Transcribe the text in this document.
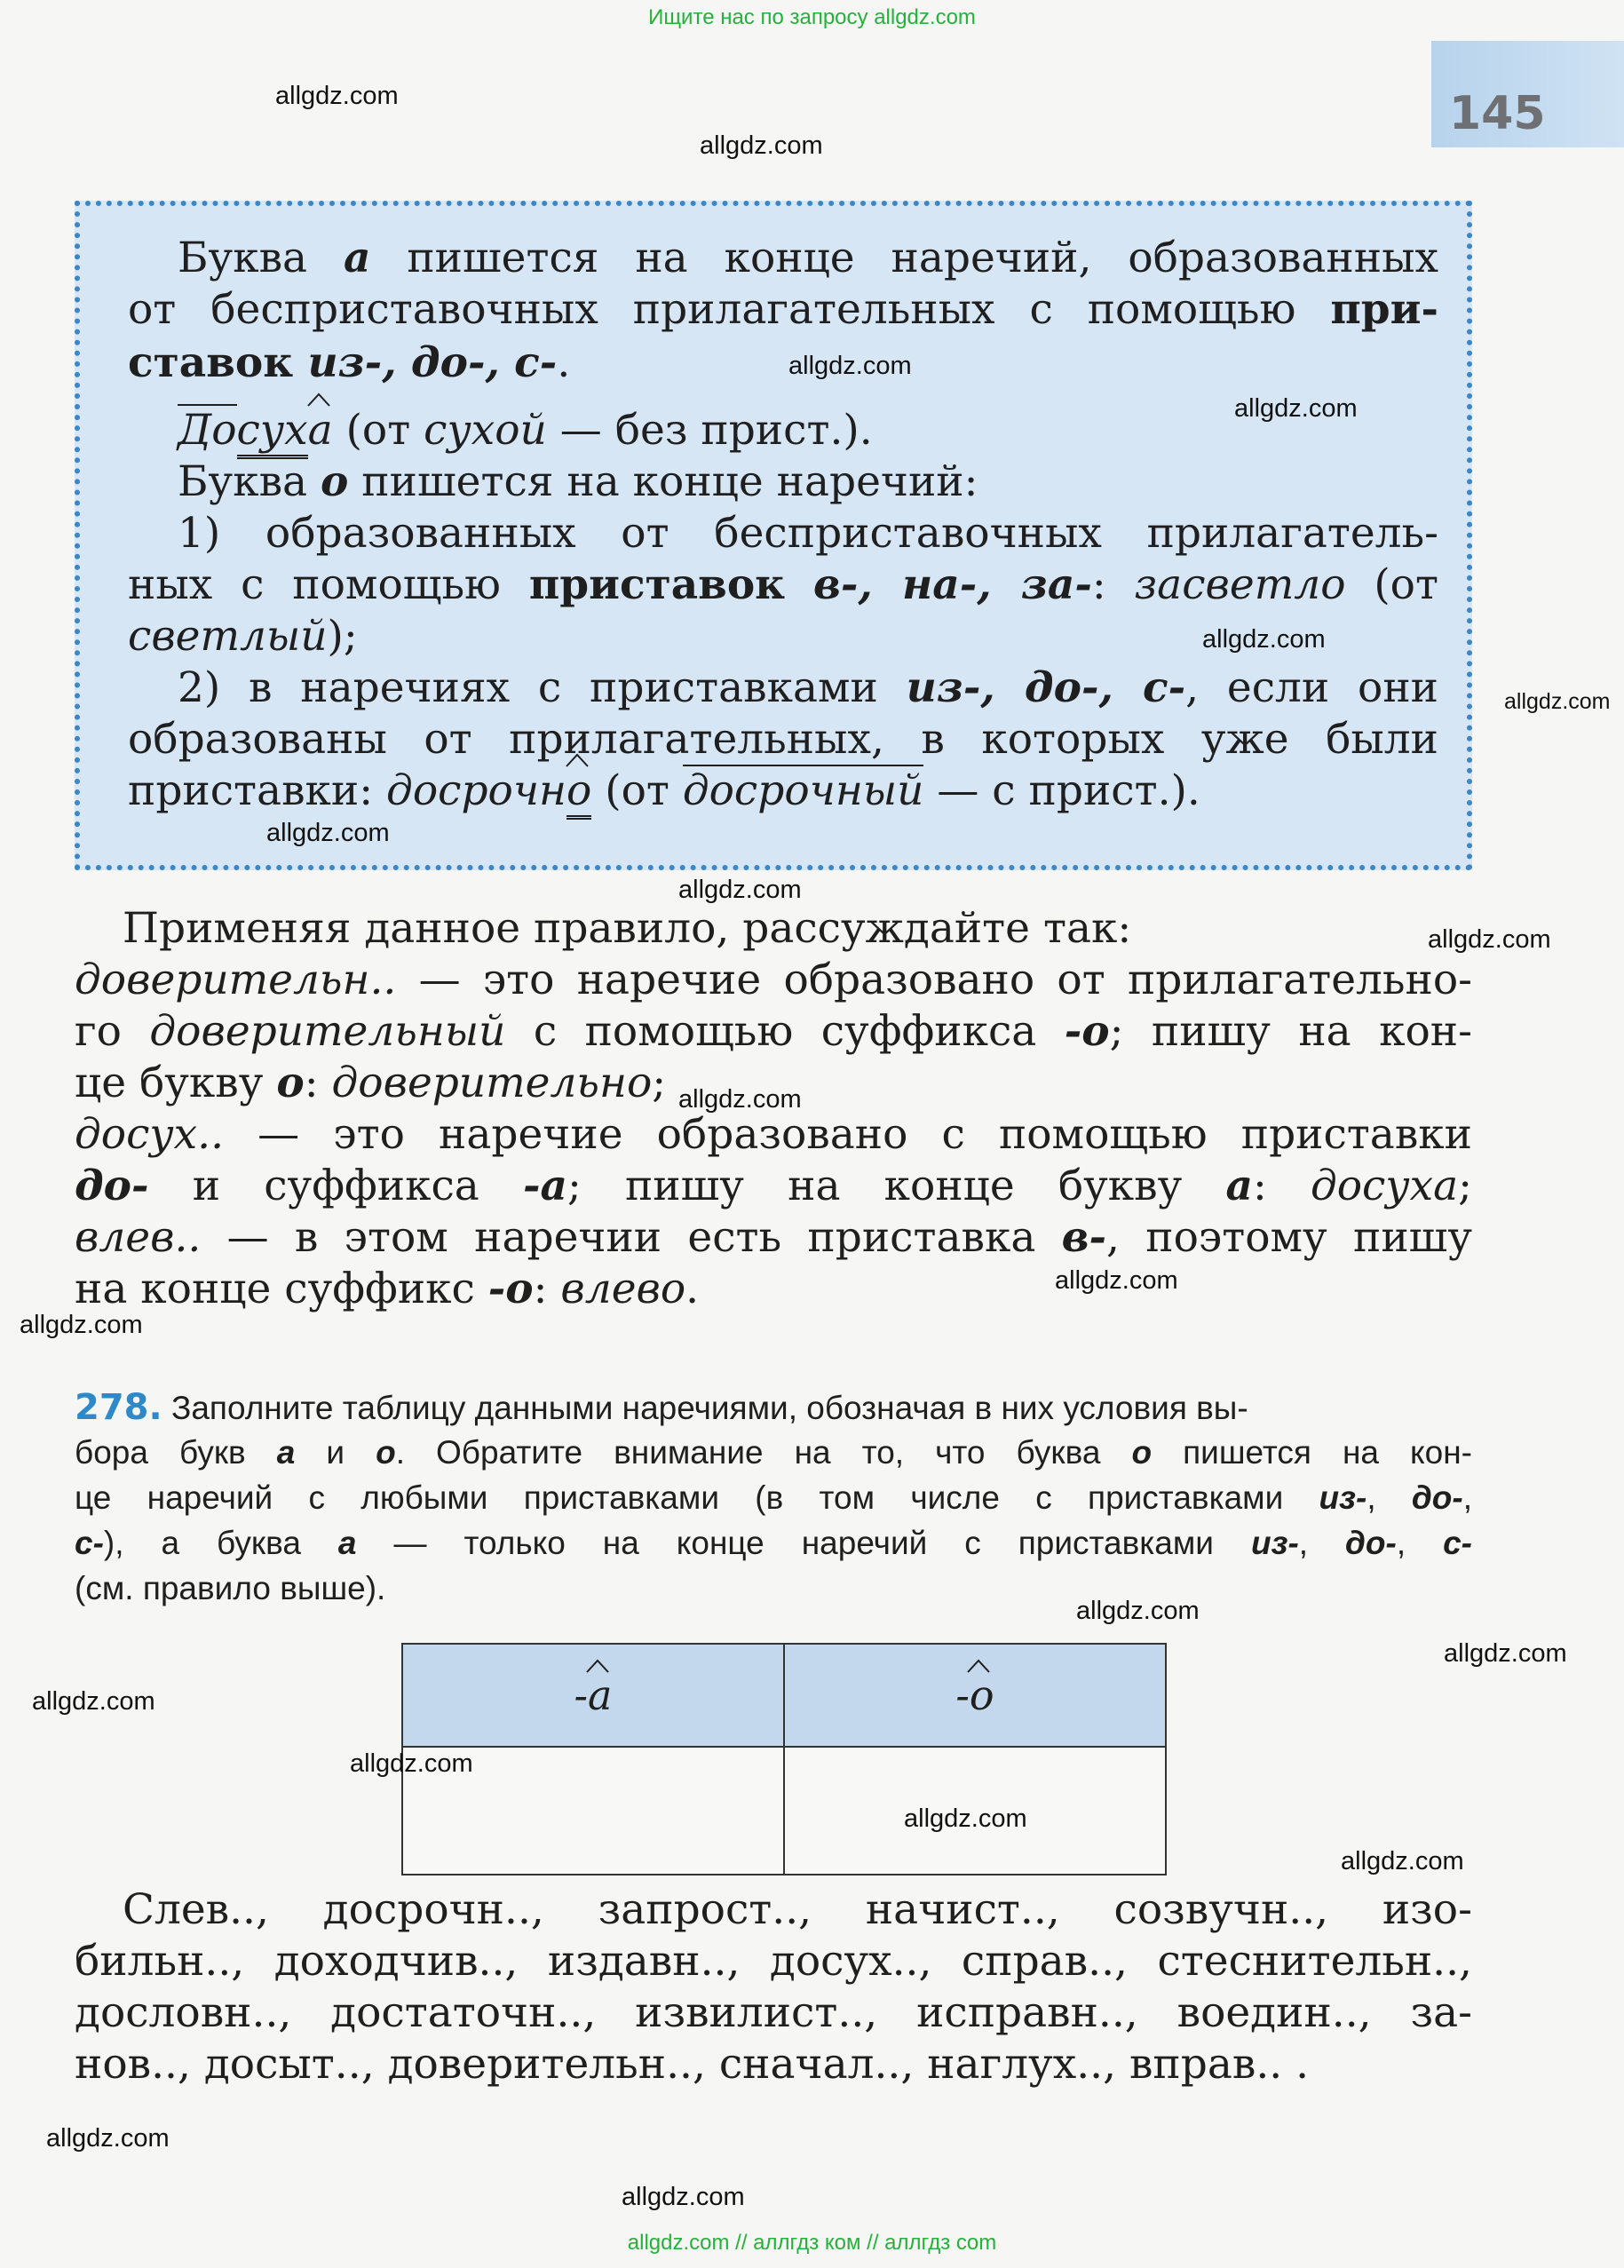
Ищите нас по запросу allgdz.com
145
Буква а пишется на конце наречий, образованных
от бесприставочных прилагательных с помощью при-
ставок из-, до-, с-.
Досуха
(от сухой — без прист.).
Буква о пишется на конце наречий:
1) образованных от бесприставочных прилагатель-
ных с помощью приставок в-, на-, за-: засветло (от
светлый);
2) в наречиях с приставками из-, до-, с-, если они
образованы от прилагательных, в которых уже были
приставки: досрочно
(от досрочный — с прист.).
Применяя данное правило, рассуждайте так:
доверительн.. — это наречие образовано от прилагательно-
го доверительный с помощью суффикса -о; пишу на кон-
це букву о: доверительно;
досух.. — это наречие образовано с помощью приставки
до- и суффикса -а; пишу на конце букву а: досуха;
влев.. — в этом наречии есть приставка в-, поэтому пишу
на конце суффикс -о: влево.
278. Заполните таблицу данными наречиями, обозначая в них условия вы-
бора букв а и о. Обратите внимание на то, что буква о пишется на кон-
це наречий с любыми приставками (в том числе с приставками из-, до-,
с-), а буква а — только на конце наречий с приставками из-, до-, с-
(см. правило выше).
-а	-о

Слев.., досрочн.., запрост.., начист.., созвучн.., изо-
бильн.., доходчив.., издавн.., досух.., справ.., стеснительн..,
дословн.., достаточн.., извилист.., исправн.., воедин.., за-
нов.., досыт.., доверительн.., сначал.., наглух.., вправ.. .
allgdz.com
allgdz.com
allgdz.com
allgdz.com
allgdz.com
allgdz.com
allgdz.com
allgdz.com
allgdz.com
allgdz.com
allgdz.com
allgdz.com
allgdz.com
allgdz.com
allgdz.com
allgdz.com
allgdz.com
allgdz.com
allgdz.com
allgdz.com
allgdz.com // аллгдз ком // аллгдз com
